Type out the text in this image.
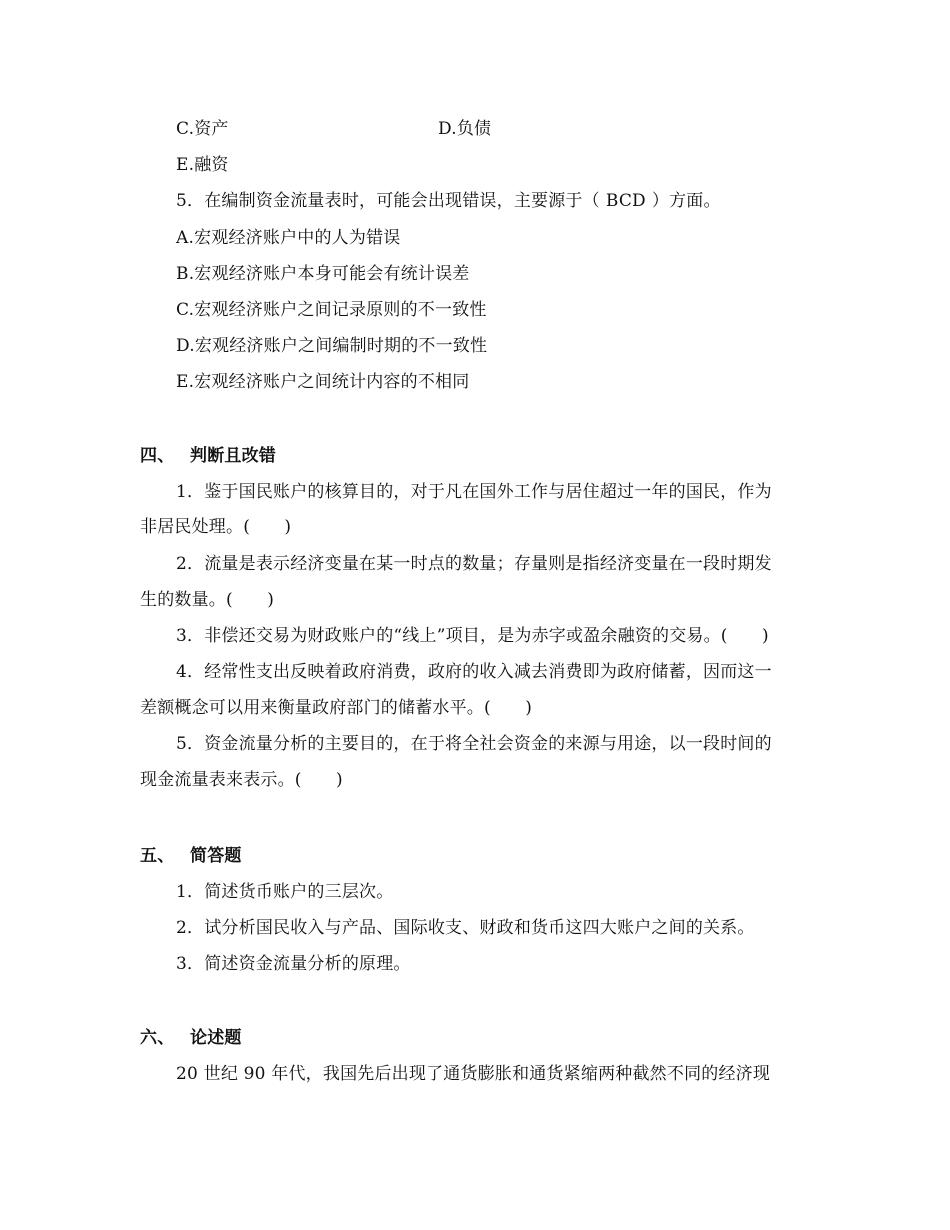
C.资产	D.负债
E.融资
5．在编制资金流量表时，可能会出现错误，主要源于（ BCD ）方面。
A.宏观经济账户中的人为错误
B.宏观经济账户本身可能会有统计误差
C.宏观经济账户之间记录原则的不一致性
D.宏观经济账户之间编制时期的不一致性
E.宏观经济账户之间统计内容的不相同
四、 判断且改错
1．鉴于国民账户的核算目的，对于凡在国外工作与居住超过一年的国民，作为
非居民处理。(　　)
2．流量是表示经济变量在某一时点的数量；存量则是指经济变量在一段时期发
生的数量。(　　)
3．非偿还交易为财政账户的“线上”项目，是为赤字或盈余融资的交易。(　　)
4．经常性支出反映着政府消费，政府的收入减去消费即为政府储蓄，因而这一
差额概念可以用来衡量政府部门的储蓄水平。(　　)
5．资金流量分析的主要目的，在于将全社会资金的来源与用途，以一段时间的
现金流量表来表示。(　　)
五、 简答题
1．简述货币账户的三层次。
2．试分析国民收入与产品、国际收支、财政和货币这四大账户之间的关系。
3．简述资金流量分析的原理。
六、 论述题
20 世纪 90 年代，我国先后出现了通货膨胀和通货紧缩两种截然不同的经济现
